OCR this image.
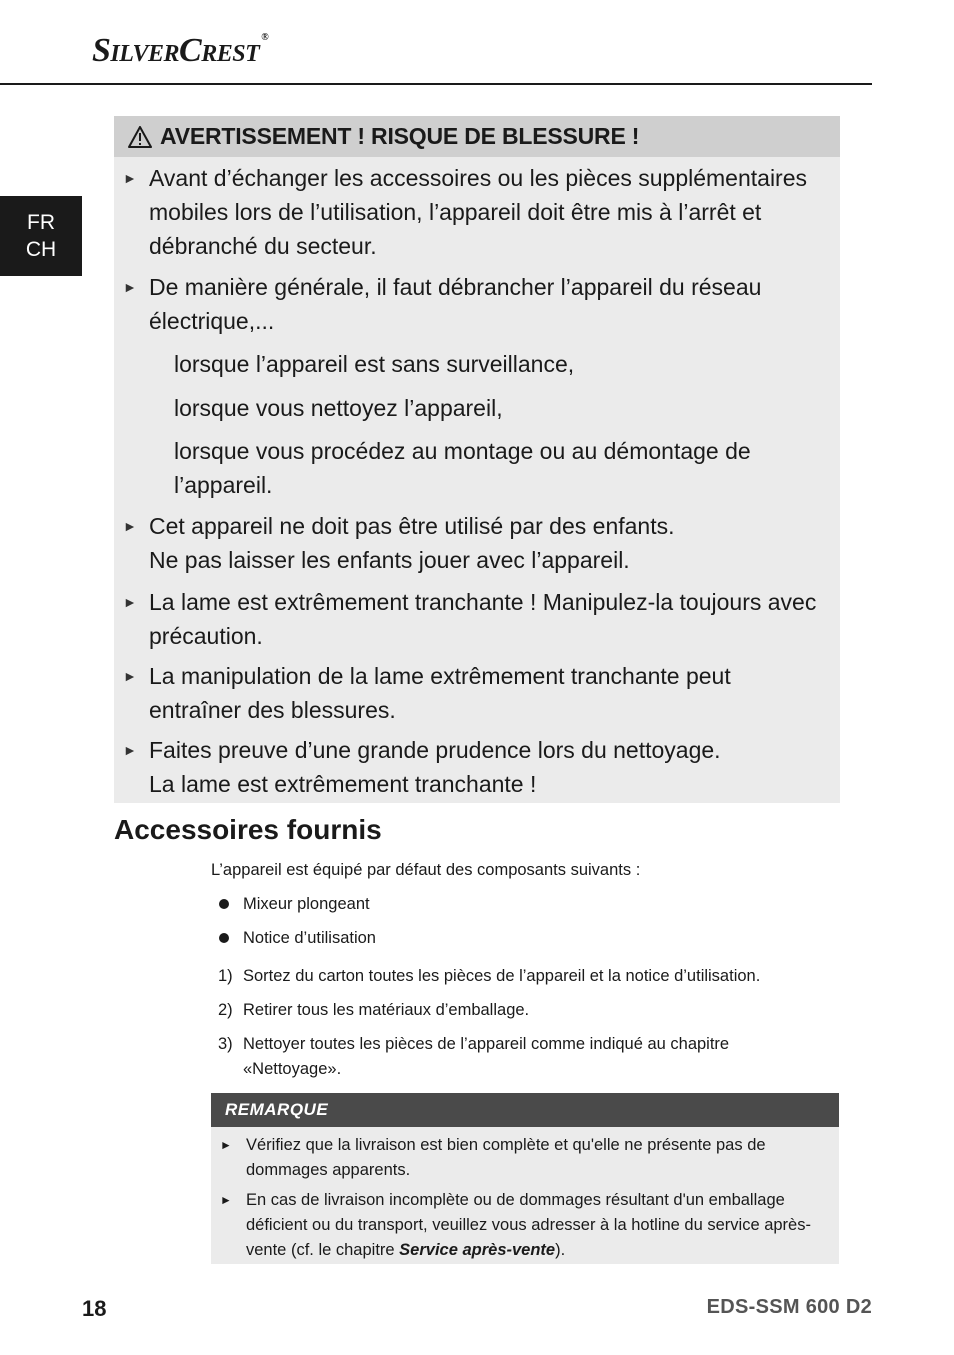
SilverCrest ®
FR
CH
AVERTISSEMENT ! RISQUE DE BLESSURE !
► Avant d’échanger les accessoires ou les pièces supplémentaires mobiles lors de l’utilisation, l’appareil doit être mis à l’arrêt et débranché du secteur.
► De manière générale, il faut débrancher l’appareil du réseau électrique,...
lorsque l’appareil est sans surveillance,
lorsque vous nettoyez l’appareil,
lorsque vous procédez au montage ou au démontage de l’appareil.
► Cet appareil ne doit pas être utilisé par des enfants.
Ne pas laisser les enfants jouer avec l’appareil.
► La lame est extrêmement tranchante ! Manipulez-la toujours avec précaution.
► La manipulation de la lame extrêmement tranchante peut entraîner des blessures.
► Faites preuve d’une grande prudence lors du nettoyage.
La lame est extrêmement tranchante !
Accessoires fournis
L’appareil est équipé par défaut des composants suivants :
Mixeur plongeant
Notice d’utilisation
1) Sortez du carton toutes les pièces de l’appareil et la notice d’utilisation.
2) Retirer tous les matériaux d’emballage.
3) Nettoyer toutes les pièces de l’appareil comme indiqué au chapitre «Nettoyage».
REMARQUE
► Vérifiez que la livraison est bien complète et qu'elle ne présente pas de dommages apparents.
► En cas de livraison incomplète ou de dommages résultant d'un emballage déficient ou du transport, veuillez vous adresser à la hotline du service après-vente (cf. le chapitre Service après-vente).
18	EDS-SSM 600 D2
